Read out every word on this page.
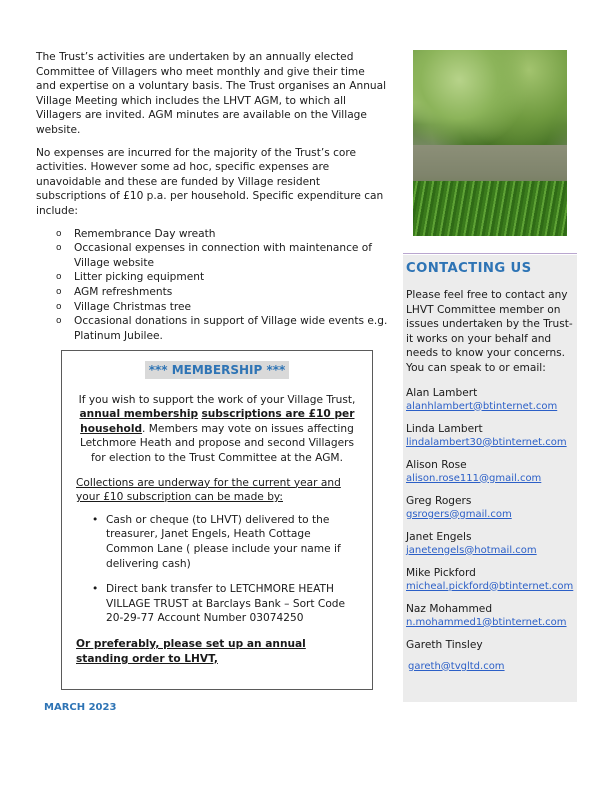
The Trust’s activities are undertaken by an annually elected Committee of Villagers who meet monthly and give their time and expertise on a voluntary basis. The Trust organises an Annual Village Meeting which includes the LHVT AGM, to which all Villagers are invited. AGM minutes are available on the Village website.

No expenses are incurred for the majority of the Trust’s core activities. However some ad hoc, specific expenses are unavoidable and these are funded by Village resident subscriptions of £10 p.a. per household. Specific expenditure can include:

o Remembrance Day wreath
o Occasional expenses in connection with maintenance of Village website
o Litter picking equipment
o AGM refreshments
o Village Christmas tree
o Occasional donations in support of Village wide events e.g. Platinum Jubilee.
*** MEMBERSHIP ***
If you wish to support the work of your Village Trust, annual membership subscriptions are £10 per household. Members may vote on issues affecting Letchmore Heath and propose and second Villagers for election to the Trust Committee at the AGM.
Collections are underway for the current year and your £10 subscription can be made by:
• Cash or cheque (to LHVT) delivered to the treasurer, Janet Engels, Heath Cottage Common Lane ( please include your name if delivering cash)
• Direct bank transfer to LETCHMORE HEATH VILLAGE TRUST at Barclays Bank – Sort Code 20-29-77 Account Number 03074250
Or preferably, please set up an annual standing order to LHVT,
CONTACTING US
Please feel free to contact any LHVT Committee member on issues undertaken by the Trust- it works on your behalf and needs to know your concerns. You can speak to or email:
Alan Lambert
alanhlambert@btinternet.com
Linda Lambert
lindalambert30@btinternet.com
Alison Rose
alison.rose111@gmail.com
Greg Rogers
gsrogers@gmail.com
Janet Engels
janetengels@hotmail.com
Mike Pickford
micheal.pickford@btinternet.com
Naz Mohammed
n.mohammed1@btinternet.com
Gareth Tinsley
gareth@tvgltd.com
MARCH 2023
